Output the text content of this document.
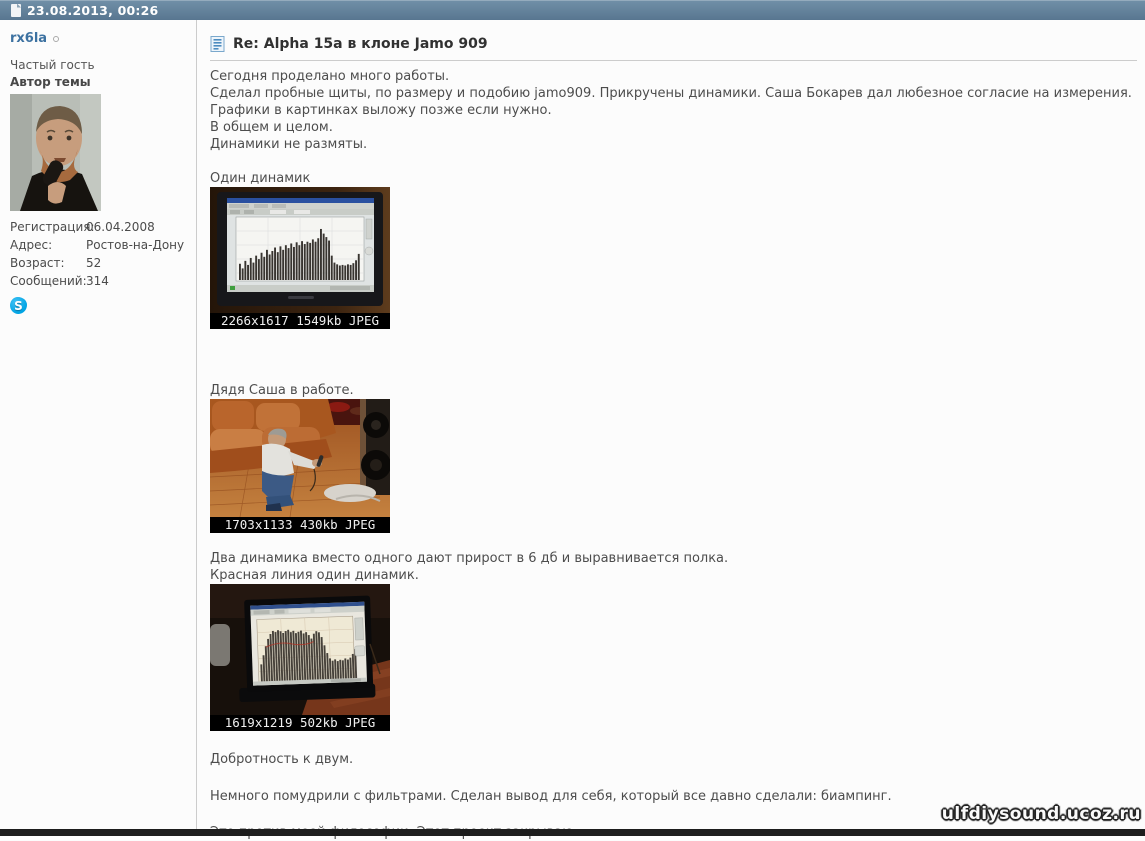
23.08.2013, 00:26
rx6la
Частый гость
Автор темы
Регистрация:
06.04.2008
Адрес:	Ростов-на-Дону
Возраст:	52
Сообщений: 314
S
Re: Alpha 15a в клоне Jamo 909
Сегодня проделано много работы.
Сделал пробные щиты, по размеру и подобию jamo909. Прикручены динамики. Саша Бокарев дал любезное согласие на измерения.
Графики в картинках выложу позже если нужно.
В общем и целом.
Динамики не размяты.
Один динамик
2266x1617 1549kb JPEG
Дядя Саша в работе.
1703x1133 430kb JPEG
Два динамика вместо одного дают прирост в 6 дб и выравнивается полка.
Красная линия один динамик.
1619x1219 502kb JPEG
Добротность к двум.
Немного помудрили с фильтрами. Сделан вывод для себя, который все давно сделали: биампинг.
ulfdiysound.ucoz.ru
